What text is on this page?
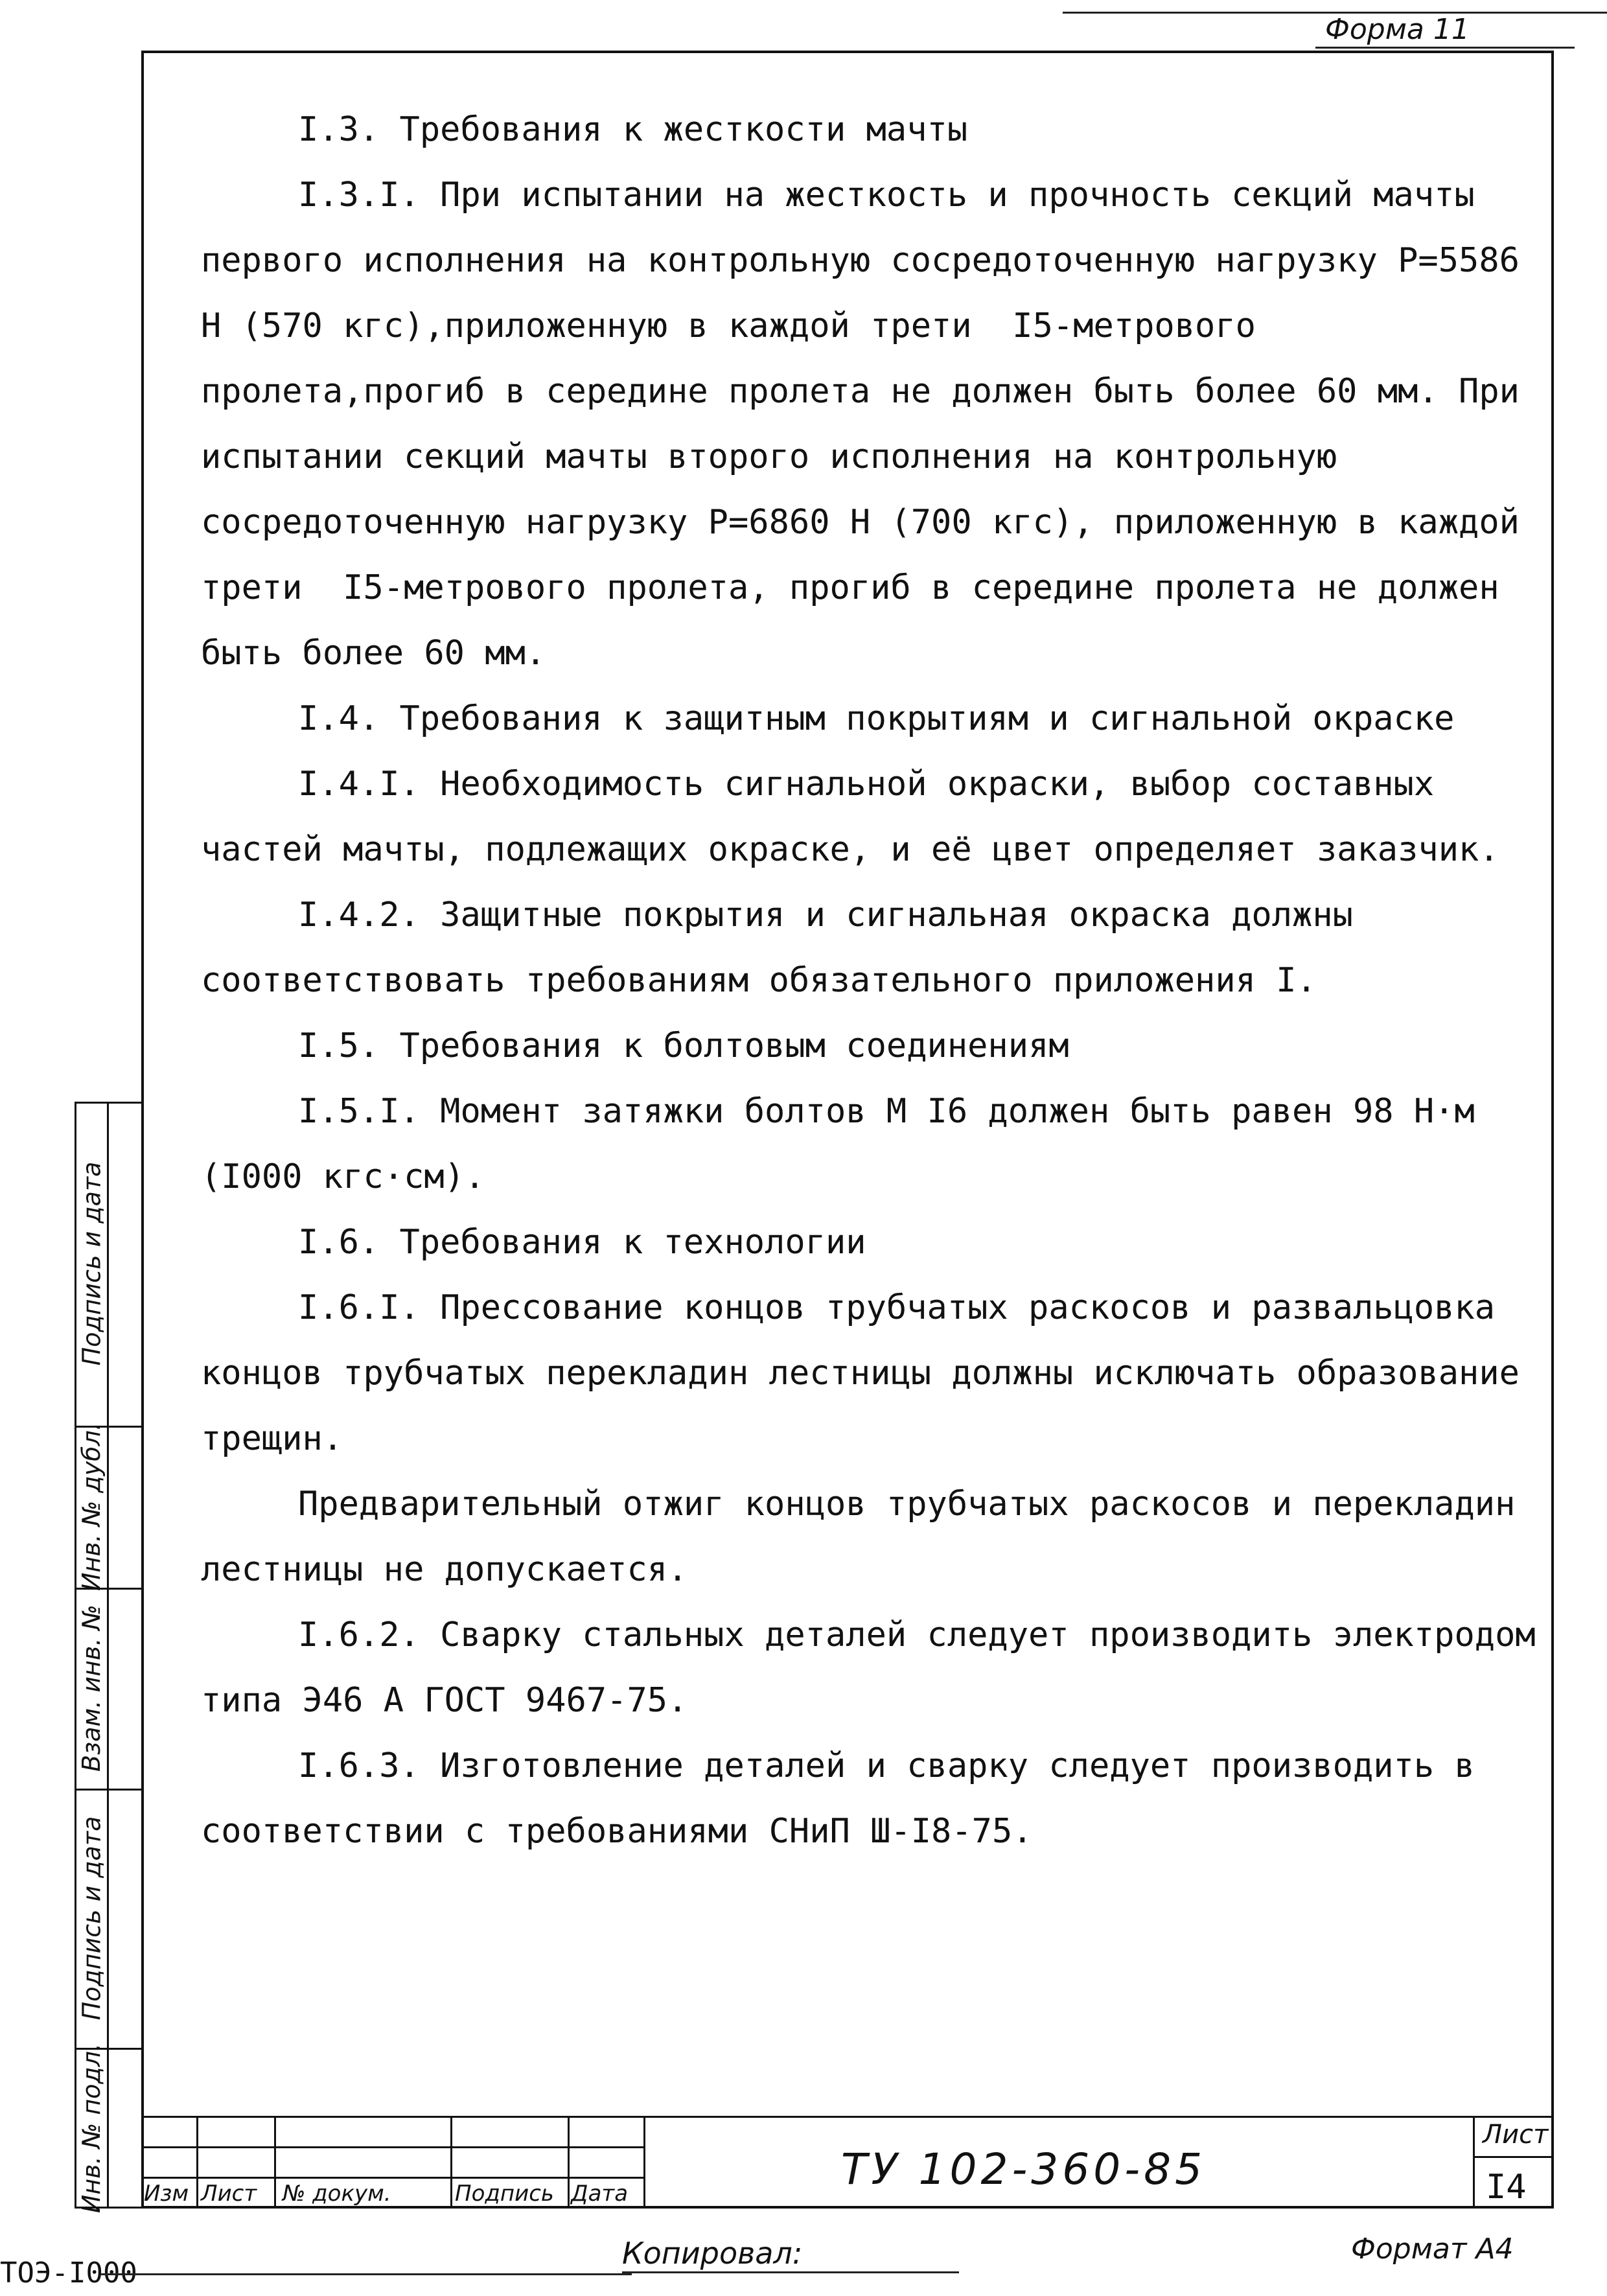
Форма 11

I.3. Требования к жесткости мачты

I.3.I. При испытании на жесткость и прочность секций мачты первого исполнения на контрольную сосредоточенную нагрузку Р=5586 Н (570 кгс),приложенную в каждой трети  I5-метрового пролета,прогиб в середине пролета не должен быть более 60 мм. При испытании секций мачты второго исполнения на контрольную сосредоточенную нагрузку Р=6860 Н (700 кгс), приложенную в каждой трети  I5-метрового пролета, прогиб в середине пролета не должен быть более 60 мм.

I.4. Требования к защитным покрытиям и сигнальной окраске

I.4.I. Необходимость сигнальной окраски, выбор составных частей мачты, подлежащих окраске, и её цвет определяет заказчик.

I.4.2. Защитные покрытия и сигнальная окраска должны соответствовать требованиям обязательного приложения I.

I.5. Требования к болтовым соединениям

I.5.I. Момент затяжки болтов М I6 должен быть равен 98 Н·м (I000 кгс·см).

I.6. Требования к технологии

I.6.I. Прессование концов трубчатых раскосов и развальцовка концов трубчатых перекладин лестницы должны исключать образование трещин.

Предварительный отжиг концов трубчатых раскосов и перекладин лестницы не допускается.

I.6.2. Сварку стальных деталей следует производить электродом типа Э46 А ГОСТ 9467-75.

I.6.3. Изготовление деталей и сварку следует производить в соответствии с требованиями СНиП Ш-I8-75.

Подпись и дата
Инв. № дубл.
Взам. инв. №
Подпись и дата
Инв. № подл. Изм Лист № докум.	Подпись Дата	ТУ 102-360-85
Лист
I4
ТОЭ-I000
Копировал:	Формат А4
